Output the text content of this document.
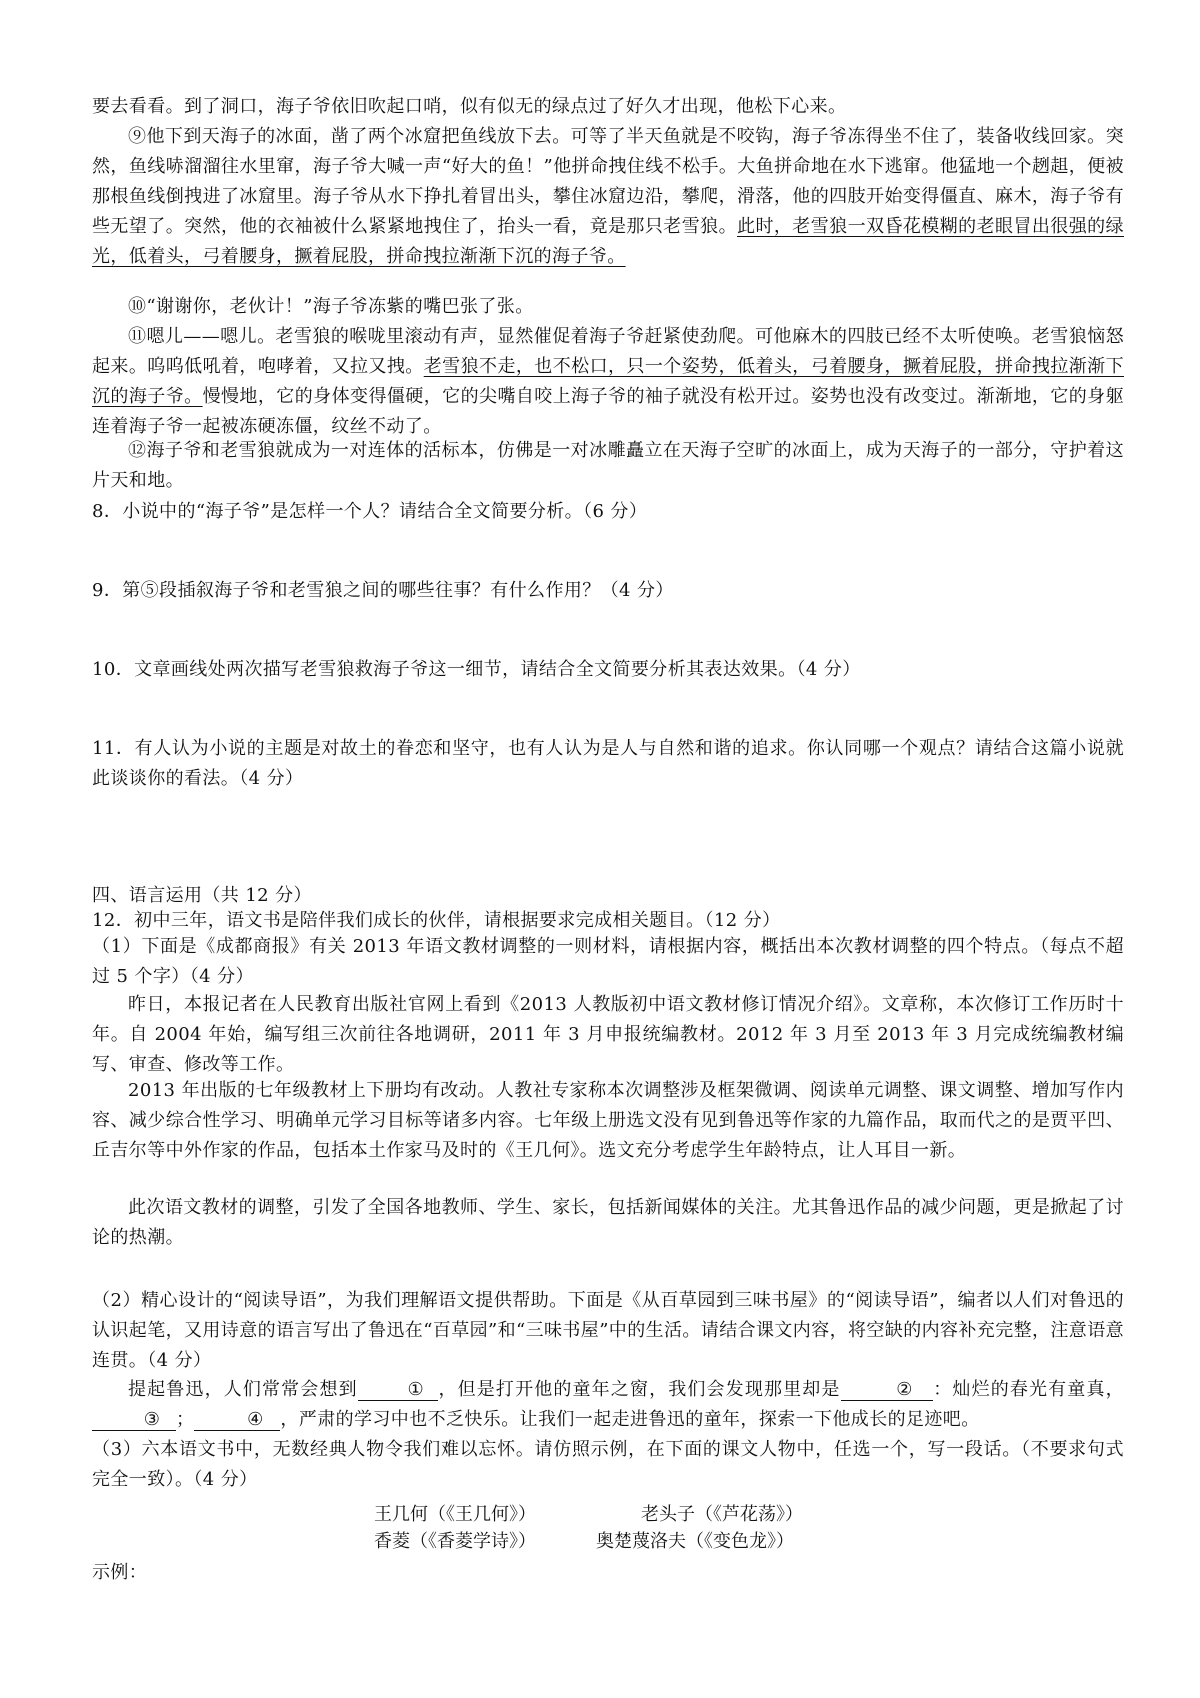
要去看看。到了洞口，海子爷依旧吹起口哨，似有似无的绿点过了好久才出现，他松下心来。
⑨他下到天海子的冰面，凿了两个冰窟把鱼线放下去。可等了半天鱼就是不咬钩，海子爷冻得坐不住了，装备收线回家。突然，鱼线哧溜溜往水里窜，海子爷大喊一声“好大的鱼！”他拼命拽住线不松手。大鱼拼命地在水下逃窜。他猛地一个趔趄，便被那根鱼线倒拽进了冰窟里。海子爷从水下挣扎着冒出头，攀住冰窟边沿，攀爬，滑落，他的四肢开始变得僵直、麻木，海子爷有些无望了。突然，他的衣袖被什么紧紧地拽住了，抬头一看，竟是那只老雪狼。此时，老雪狼一双昏花模糊的老眼冒出很强的绿光，低着头，弓着腰身，撅着屁股，拼命拽拉渐渐下沉的海子爷。
⑩“谢谢你，老伙计！”海子爷冻紫的嘴巴张了张。
⑪嗯儿——嗯儿。老雪狼的喉咙里滚动有声，显然催促着海子爷赶紧使劲爬。可他麻木的四肢已经不太听使唤。老雪狼恼怒起来。呜呜低吼着，咆哮着，又拉又拽。老雪狼不走，也不松口，只一个姿势，低着头，弓着腰身，撅着屁股，拼命拽拉渐渐下沉的海子爷。慢慢地，它的身体变得僵硬，它的尖嘴自咬上海子爷的袖子就没有松开过。姿势也没有改变过。渐渐地，它的身躯连着海子爷一起被冻硬冻僵，纹丝不动了。
⑫海子爷和老雪狼就成为一对连体的活标本，仿佛是一对冰雕矗立在天海子空旷的冰面上，成为天海子的一部分，守护着这片天和地。
8．小说中的“海子爷”是怎样一个人？请结合全文简要分析。（6 分）
9．第⑤段插叙海子爷和老雪狼之间的哪些往事？有什么作用？（4 分）
10．文章画线处两次描写老雪狼救海子爷这一细节，请结合全文简要分析其表达效果。（4 分）
11．有人认为小说的主题是对故土的眷恋和坚守，也有人认为是人与自然和谐的追求。你认同哪一个观点？请结合这篇小说就此谈谈你的看法。（4 分）
四、语言运用（共 12 分）
12．初中三年，语文书是陪伴我们成长的伙伴，请根据要求完成相关题目。（12 分）
（1）下面是《成都商报》有关 2013 年语文教材调整的一则材料，请根据内容，概括出本次教材调整的四个特点。（每点不超过 5 个字）（4 分）
昨日，本报记者在人民教育出版社官网上看到《2013 人教版初中语文教材修订情况介绍》。文章称，本次修订工作历时十年。自 2004 年始，编写组三次前往各地调研，2011 年 3 月申报统编教材。2012 年 3 月至 2013 年 3 月完成统编教材编写、审查、修改等工作。
2013 年出版的七年级教材上下册均有改动。人教社专家称本次调整涉及框架微调、阅读单元调整、课文调整、增加写作内容、减少综合性学习、明确单元学习目标等诸多内容。七年级上册选文没有见到鲁迅等作家的九篇作品，取而代之的是贾平凹、丘吉尔等中外作家的作品，包括本土作家马及时的《王几何》。选文充分考虑学生年龄特点，让人耳目一新。
此次语文教材的调整，引发了全国各地教师、学生、家长，包括新闻媒体的关注。尤其鲁迅作品的减少问题，更是掀起了讨论的热潮。
（2）精心设计的“阅读导语”，为我们理解语文提供帮助。下面是《从百草园到三味书屋》的“阅读导语”，编者以人们对鲁迅的认识起笔，又用诗意的语言写出了鲁迅在“百草园”和“三味书屋”中的生活。请结合课文内容，将空缺的内容补充完整，注意语意连贯。（4 分）
提起鲁迅，人们常常会想到	① ，但是打开他的童年之窗，我们会发现那里却是	② ：灿烂的春光有童真，③ ；	④ ，严肃的学习中也不乏快乐。让我们一起走进鲁迅的童年，探索一下他成长的足迹吧。
（3）六本语文书中，无数经典人物令我们难以忘怀。请仿照示例，在下面的课文人物中，任选一个，写一段话。（不要求句式完全一致）。（4 分）
王几何（《王几何》）	老头子（《芦花荡》）
香菱（《香菱学诗》）	奥楚蔑洛夫（《变色龙》）
示例：
